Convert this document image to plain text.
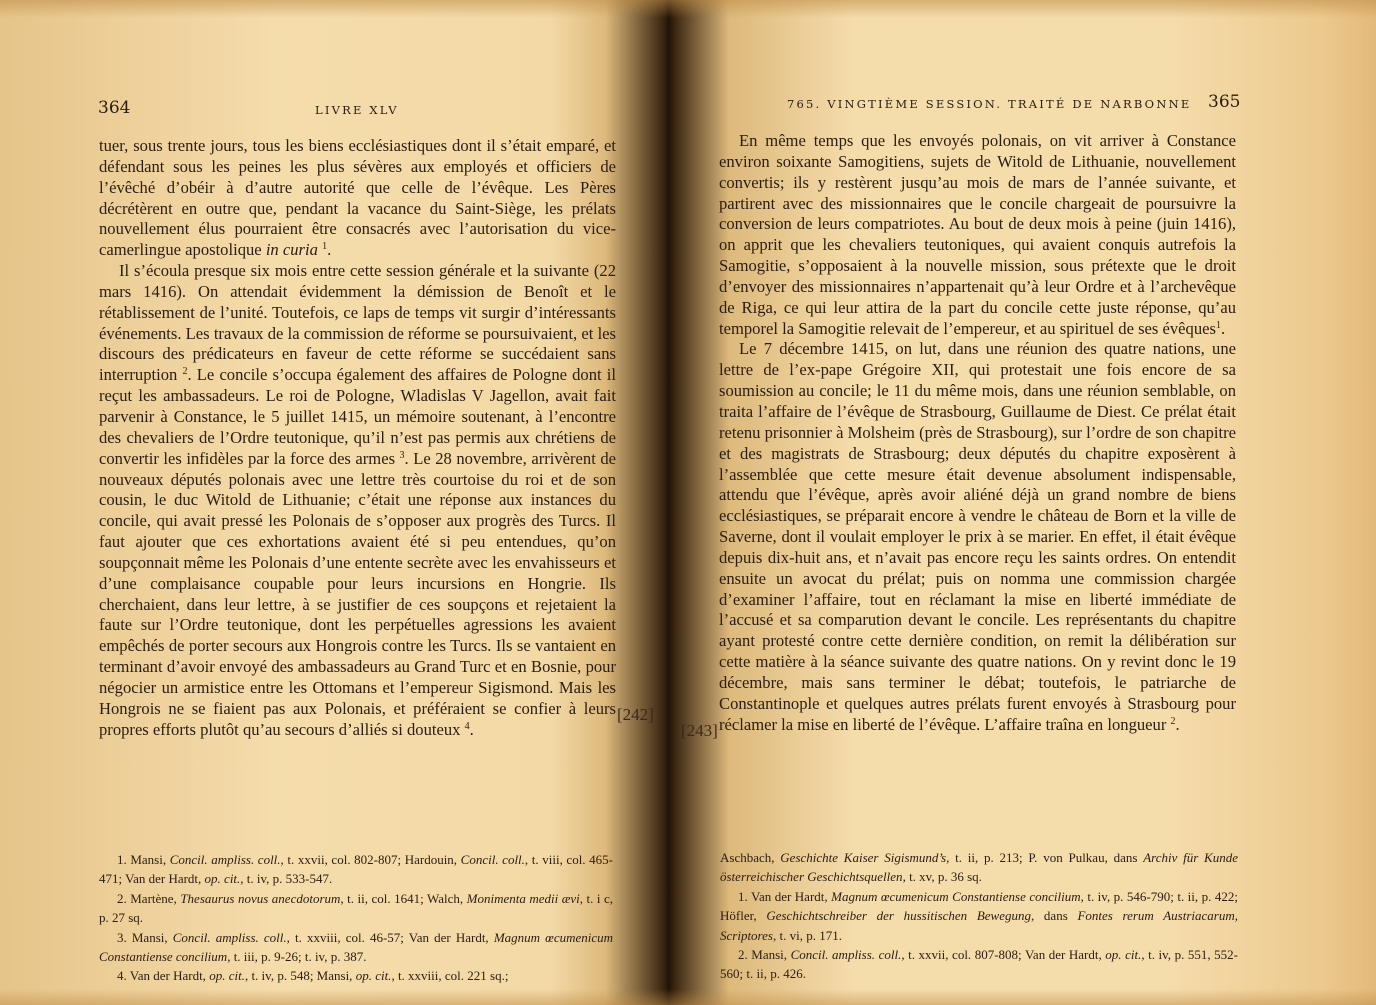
364	LIVRE XLV

tuer, sous trente jours, tous les biens ecclésiastiques dont il s’était emparé, et défendant sous les peines les plus sévères aux employés et officiers de l’évêché d’obéir à d’autre autorité que celle de l’évêque. Les Pères décrétèrent en outre que, pendant la vacance du Saint-Siège, les prélats nouvellement élus pourraient être consacrés avec l’autorisation du vice-camerlingue apostolique in curia $^1$.

Il s’écoula presque six mois entre cette session générale et la suivante (22 mars 1416). On attendait évidemment la démission de Benoît et le rétablissement de l’unité. Toutefois, ce laps de temps vit surgir d’intéressants événements. Les travaux de la commission de réforme se poursuivaient, et les discours des prédicateurs en faveur de cette réforme se succédaient sans interruption $^2$. Le concile s’occupa également des affaires de Pologne dont il reçut les ambassadeurs. Le roi de Pologne, Wladislas V Jagellon, avait fait parvenir à Constance, le 5 juillet 1415, un mémoire soutenant, à l’encontre des chevaliers de l’Ordre teutonique, qu’il n’est pas permis aux chrétiens de convertir les infidèles par la force des armes $^3$. Le 28 novembre, arrivèrent de nouveaux députés polonais avec une lettre très courtoise du roi et de son cousin, le duc Witold de Lithuanie; c’était une réponse aux instances du concile, qui avait pressé les Polonais de s’opposer aux progrès des Turcs. Il faut ajouter que ces exhortations avaient été si peu entendues, qu’on soupçonnait même les Polonais d’une entente secrète avec les envahisseurs et d’une complaisance coupable pour leurs incursions en Hongrie. Ils cherchaient, dans leur lettre, à se justifier de ces soupçons et rejetaient la faute sur l’Ordre teutonique, dont les perpétuelles agressions les avaient empêchés de porter secours aux Hongrois contre les Turcs. Ils se vantaient en terminant d’avoir envoyé des ambassadeurs au Grand Turc et en Bosnie, pour négocier un armistice entre les Ottomans et l’empereur Sigismond. Mais les Hongrois ne se fiaient pas aux Polonais, et préféraient se confier à leurs propres efforts plutôt qu’au secours d’alliés si douteux $^4$.

[242]

1. Mansi, Concil. ampliss. coll., t. xxvii, col. 802-807; Hardouin, Concil. coll., t. viii, col. 465-471; Van der Hardt, op. cit., t. iv, p. 533-547.

2. Martène, Thesaurus novus anecdotorum, t. ii, col. 1641; Walch, Monimenta medii ævi, t. i c, p. 27 sq.

3. Mansi, Concil. ampliss. coll., t. xxviii, col. 46-57; Van der Hardt, Magnum œcumenicum Constantiense concilium, t. iii, p. 9-26; t. iv, p. 387.

4. Van der Hardt, op. cit., t. iv, p. 548; Mansi, op. cit., t. xxviii, col. 221 sq.;

765. VINGTIÈME SESSION. TRAITÉ DE NARBONNE 365

En même temps que les envoyés polonais, on vit arriver à Constance environ soixante Samogitiens, sujets de Witold de Lithuanie, nouvellement convertis; ils y restèrent jusqu’au mois de mars de l’année suivante, et partirent avec des missionnaires que le concile chargeait de poursuivre la conversion de leurs compatriotes. Au bout de deux mois à peine (juin 1416), on apprit que les chevaliers teutoniques, qui avaient conquis autrefois la Samogitie, s’opposaient à la nouvelle mission, sous prétexte que le droit d’envoyer des missionnaires n’appartenait qu’à leur Ordre et à l’archevêque de Riga, ce qui leur attira de la part du concile cette juste réponse, qu’au temporel la Samogitie relevait de l’empereur, et au spirituel de ses évêques$^1$.

Le 7 décembre 1415, on lut, dans une réunion des quatre nations, une lettre de l’ex-pape Grégoire XII, qui protestait une fois encore de sa soumission au concile; le 11 du même mois, dans une réunion semblable, on traita l’affaire de l’évêque de Strasbourg, Guillaume de Diest. Ce prélat était retenu prisonnier à Molsheim (près de Strasbourg), sur l’ordre de son chapitre et des magistrats de Strasbourg; deux députés du chapitre exposèrent à l’assemblée que cette mesure était devenue absolument indispensable, attendu que l’évêque, après avoir aliéné déjà un grand nombre de biens ecclésiastiques, se préparait encore à vendre le château de Born et la ville de Saverne, dont il voulait employer le prix à se marier. En effet, il était évêque depuis dix-huit ans, et n’avait pas encore reçu les saints ordres. On entendit ensuite un avocat du prélat; puis on nomma une commission chargée d’examiner l’affaire, tout en réclamant la mise en liberté immédiate de l’accusé et sa comparution devant le concile. Les représentants du chapitre ayant protesté contre cette dernière condition, on remit la délibération sur cette matière à la séance suivante des quatre nations. On y revint donc le 19 décembre, mais sans terminer le débat; toutefois, le patriarche de Constantinople et quelques autres prélats furent envoyés à Strasbourg pour réclamer la mise en liberté de l’évêque. L’affaire traîna en longueur $^2$.

[243]

Aschbach, Geschichte Kaiser Sigismund’s, t. ii, p. 213; P. von Pulkau, dans Archiv für Kunde österreichischer Geschichtsquellen, t. xv, p. 36 sq.

1. Van der Hardt, Magnum œcumenicum Constantiense concilium, t. iv, p. 546-790; t. ii, p. 422; Höfler, Geschichtschreiber der hussitischen Bewegung, dans Fontes rerum Austriacarum, Scriptores, t. vi, p. 171.

2. Mansi, Concil. ampliss. coll., t. xxvii, col. 807-808; Van der Hardt, op. cit., t. iv, p. 551, 552-560; t. ii, p. 426.
